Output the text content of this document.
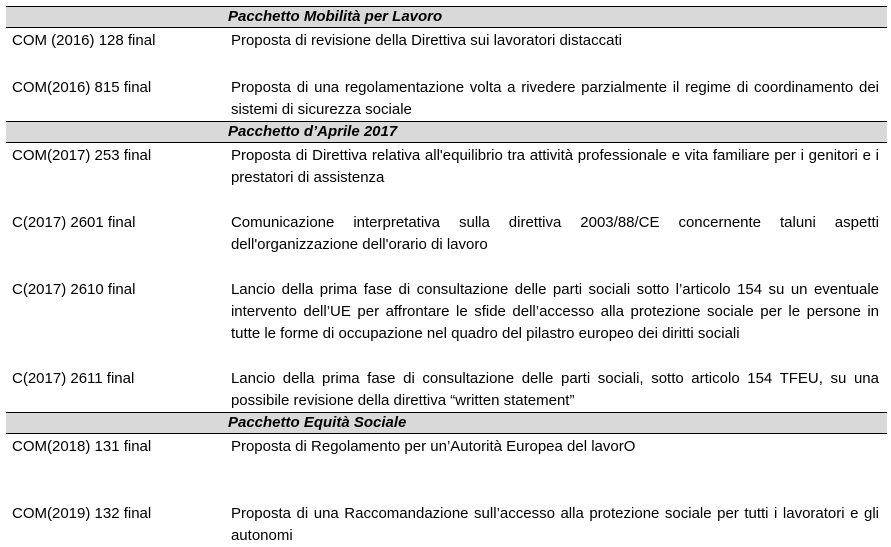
	Pacchetto Mobilità per Lavoro
COM (2016) 128 final	Proposta di revisione della Direttiva sui lavoratori distaccati
COM(2016) 815 final	Proposta di una regolamentazione volta a rivedere parzialmente il regime di coordinamento dei sistemi di sicurezza sociale
	Pacchetto d’Aprile 2017
COM(2017) 253 final	Proposta di Direttiva relativa all'equilibrio tra attività professionale e vita familiare per i genitori e i prestatori di assistenza
C(2017) 2601 final	Comunicazione interpretativa sulla direttiva 2003/88/CE concernente taluni aspetti dell'organizzazione dell'orario di lavoro
C(2017) 2610 final	Lancio della prima fase di consultazione delle parti sociali sotto l’articolo 154 su un eventuale intervento dell’UE per affrontare le sfide dell’accesso alla protezione sociale per le persone in tutte le forme di occupazione nel quadro del pilastro europeo dei diritti sociali
C(2017) 2611 final	Lancio della prima fase di consultazione delle parti sociali, sotto articolo 154 TFEU, su una possibile revisione della direttiva “written statement”
	Pacchetto Equità Sociale
COM(2018) 131 final	Proposta di Regolamento per un’Autorità Europea del lavorO
COM(2019) 132 final	Proposta di una Raccomandazione sull’accesso alla protezione sociale per tutti i lavoratori e gli autonomi
